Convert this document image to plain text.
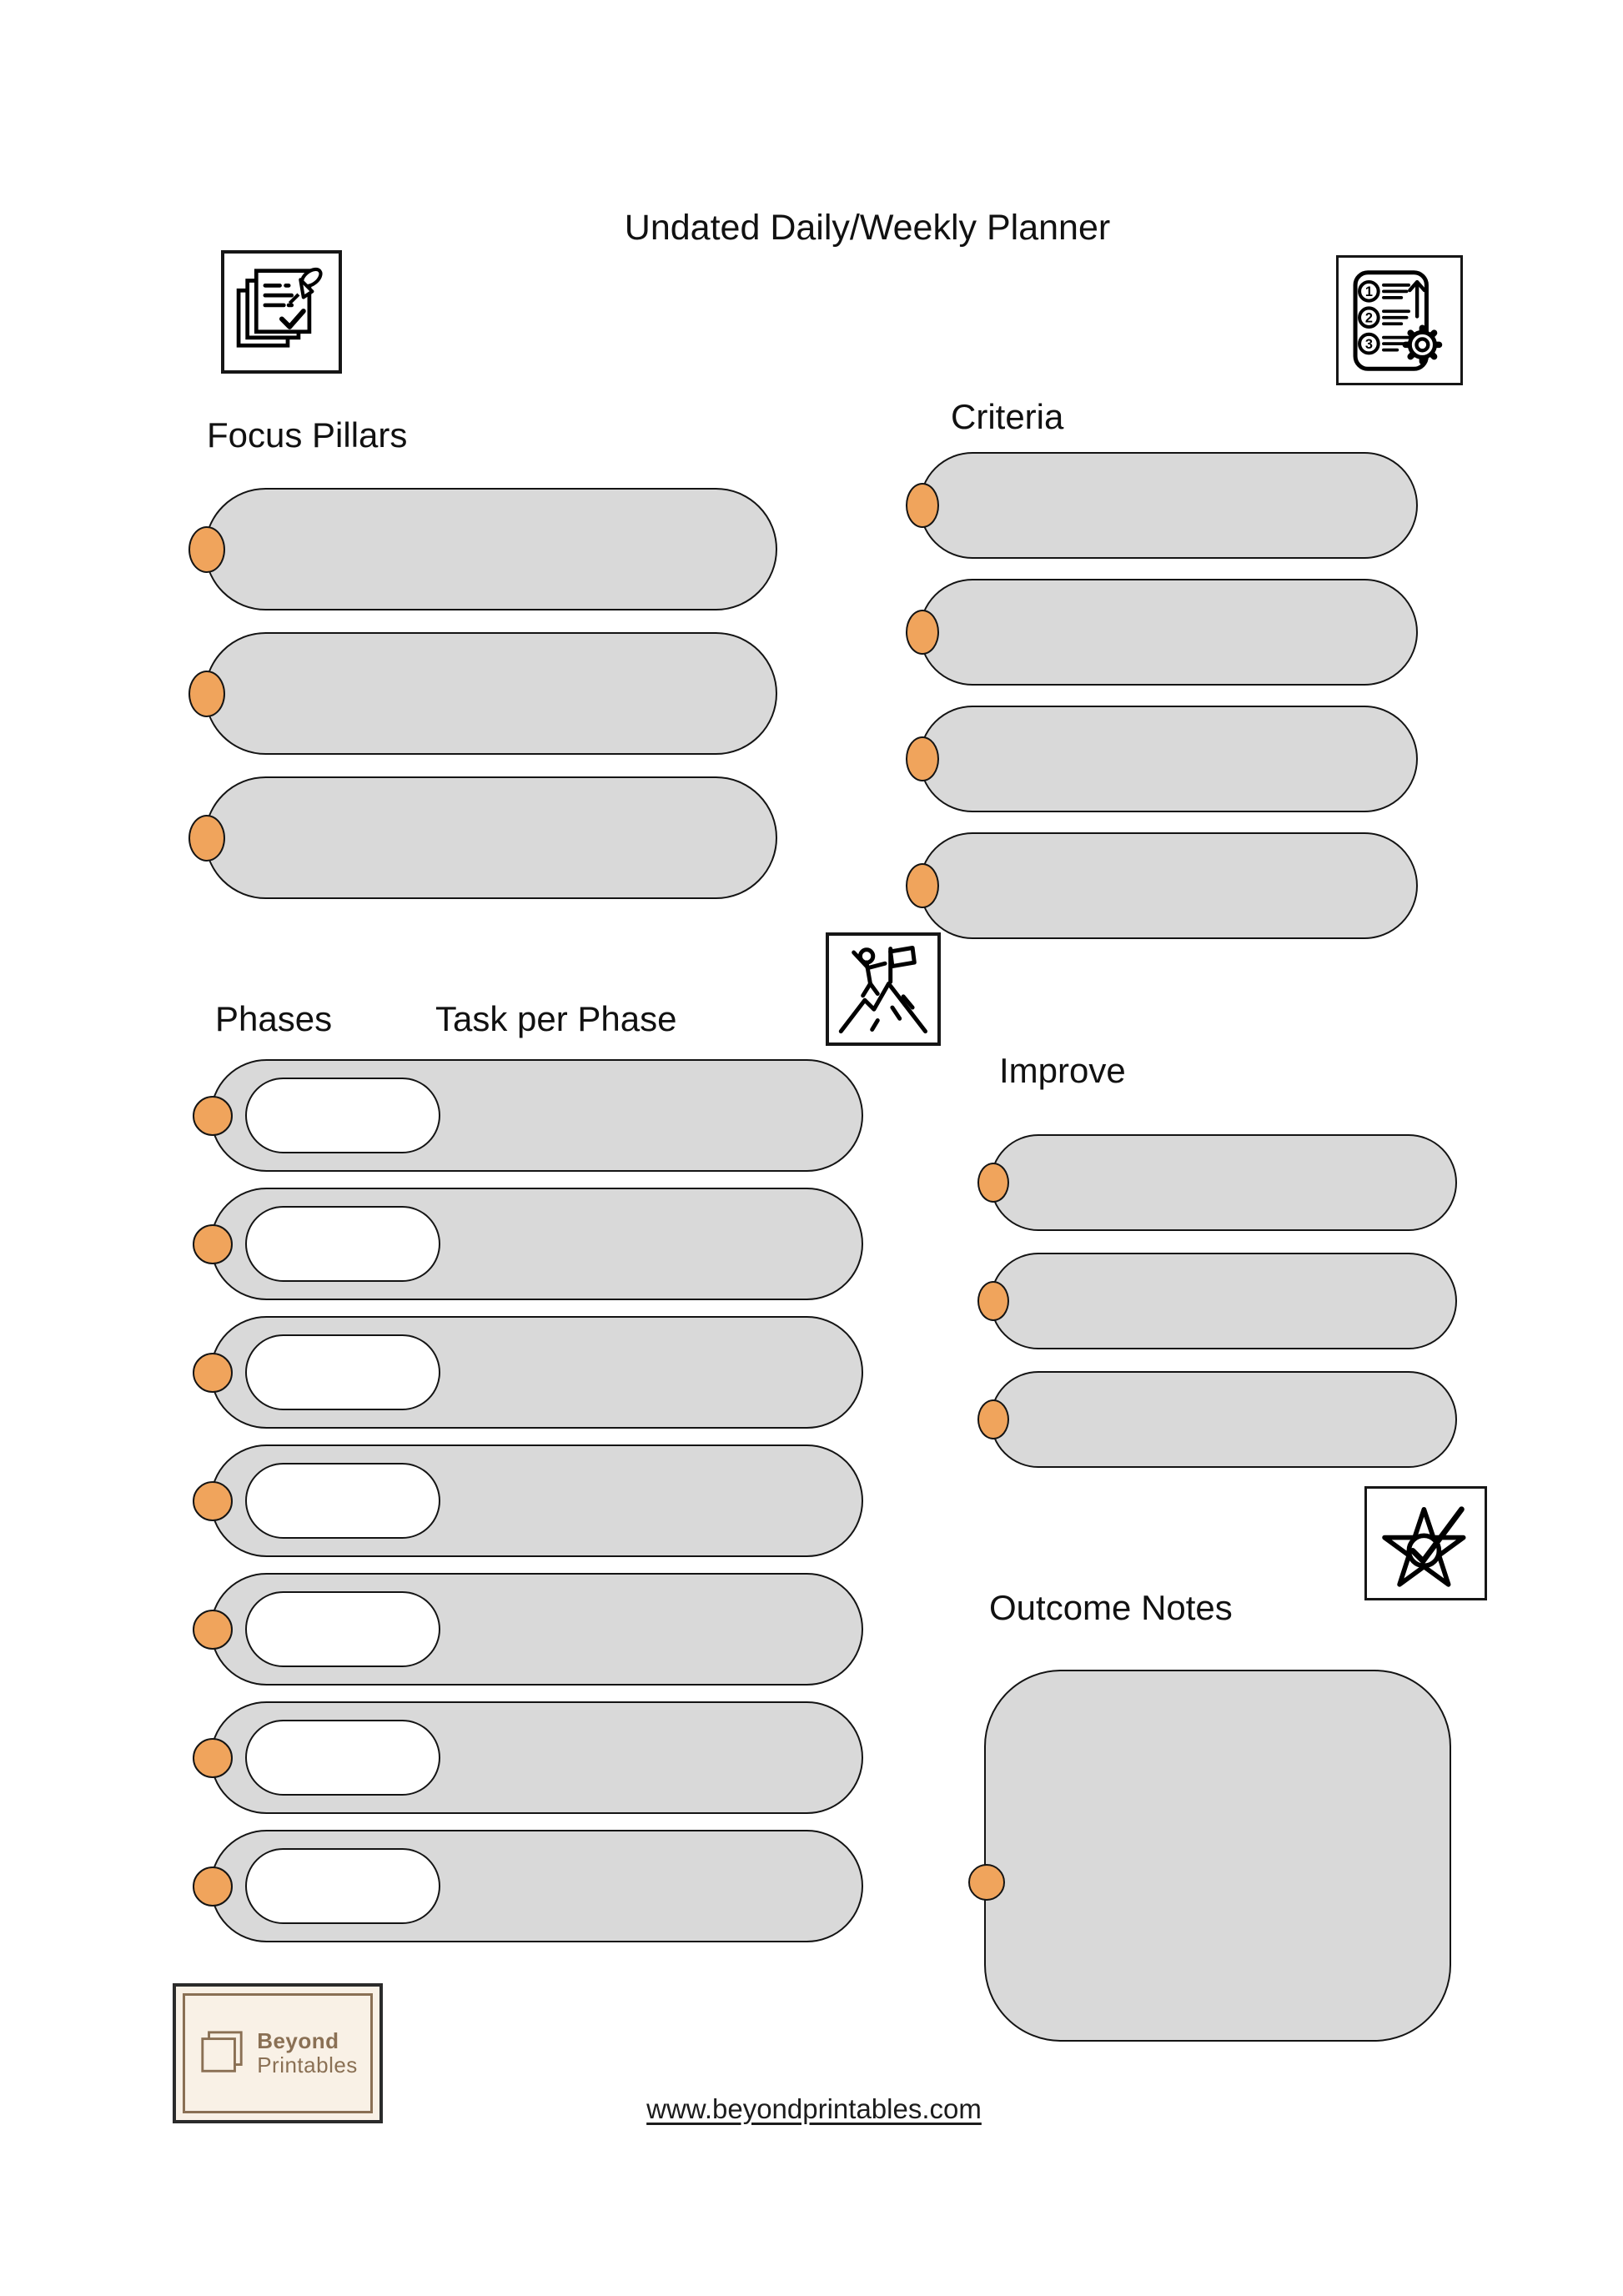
Undated Daily/Weekly Planner
1
2
3
Focus Pillars	Criteria
Phases	Task per Phase
Improve
Outcome Notes
Beyond
Printables
www.beyondprintables.com
